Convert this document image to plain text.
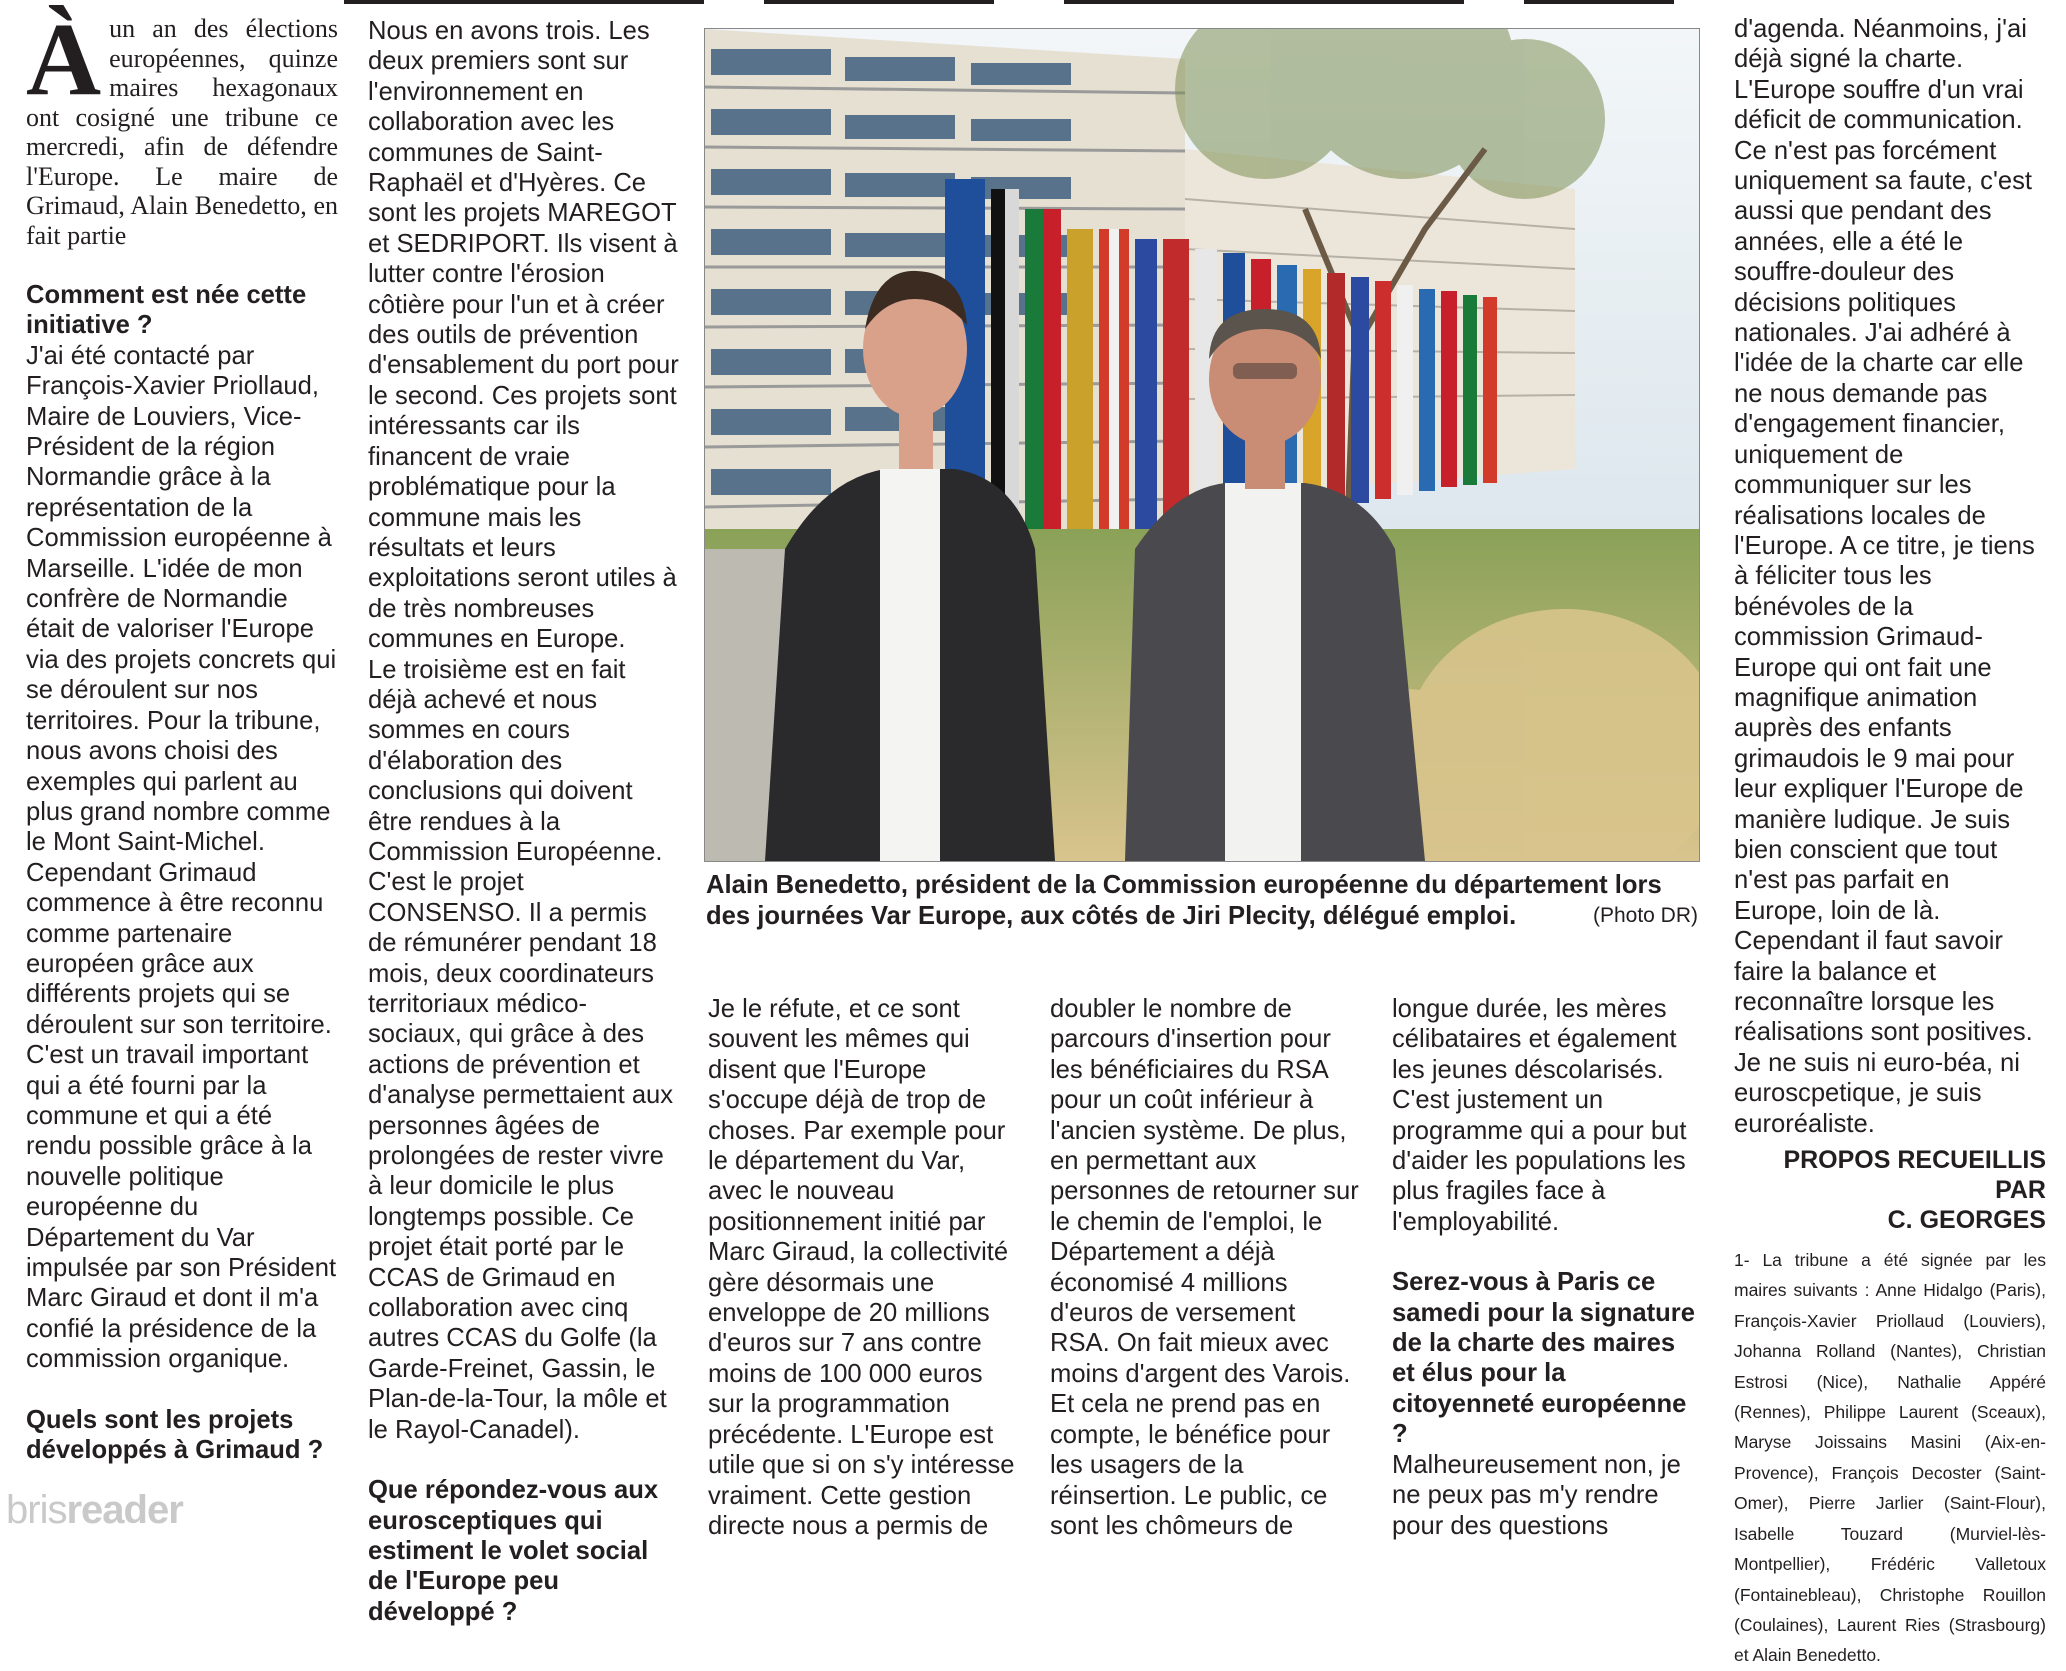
Àun an des élections européennes, quinze maires hexagonaux ont cosigné une tribune ce mercredi, afin de défendre l'Europe. Le maire de Grimaud, Alain Benedetto, en fait partie
Comment est née cette initiative ?
J'ai été contacté par François-Xavier Priollaud, Maire de Louviers, Vice-Président de la région Normandie grâce à la représentation de la Commission européenne à Marseille. L'idée de mon confrère de Normandie était de valoriser l'Europe via des projets concrets qui se déroulent sur nos territoires. Pour la tribune, nous avons choisi des exemples qui parlent au plus grand nombre comme le Mont Saint-Michel. Cependant Grimaud commence à être reconnu comme partenaire européen grâce aux différents projets qui se déroulent sur son territoire. C'est un travail important qui a été fourni par la commune et qui a été rendu possible grâce à la nouvelle politique européenne du Département du Var impulsée par son Président Marc Giraud et dont il m'a confié la présidence de la commission organique.
Quels sont les projets développés à Grimaud ?
Nous en avons trois. Les deux premiers sont sur l'environnement en collaboration avec les communes de Saint-Raphaël et d'Hyères. Ce sont les projets MAREGOT et SEDRIPORT. Ils visent à lutter contre l'érosion côtière pour l'un et à créer des outils de prévention d'ensablement du port pour le second. Ces projets sont intéressants car ils financent de vraie problématique pour la commune mais les résultats et leurs exploitations seront utiles à de très nombreuses communes en Europe.
Le troisième est en fait déjà achevé et nous sommes en cours d'élaboration des conclusions qui doivent être rendues à la Commission Européenne. C'est le projet CONSENSO. Il a permis de rémunérer pendant 18 mois, deux coordinateurs territoriaux médico-sociaux, qui grâce à des actions de prévention et d'analyse permettaient aux personnes âgées de prolongées de rester vivre à leur domicile le plus longtemps possible. Ce projet était porté par le CCAS de Grimaud en collaboration avec cinq autres CCAS du Golfe (la Garde-Freinet, Gassin, le Plan-de-la-Tour, la môle et le Rayol-Canadel).
Que répondez-vous aux eurosceptiques qui estiment le volet social de l'Europe peu développé ?
Alain Benedetto, président de la Commission européenne du département lors des journées Var Europe, aux côtés de Jiri Plecity, délégué emploi.	(Photo DR)
Je le réfute, et ce sont souvent les mêmes qui disent que l'Europe s'occupe déjà de trop de choses. Par exemple pour le département du Var, avec le nouveau positionnement initié par Marc Giraud, la collectivité gère désormais une enveloppe de 20 millions d'euros sur 7 ans contre moins de 100 000 euros sur la programmation précédente. L'Europe est utile que si on s'y intéresse vraiment. Cette gestion directe nous a permis de
doubler le nombre de parcours d'insertion pour les bénéficiaires du RSA pour un coût inférieur à l'ancien système. De plus, en permettant aux personnes de retourner sur le chemin de l'emploi, le Département a déjà économisé 4 millions d'euros de versement RSA. On fait mieux avec moins d'argent des Varois. Et cela ne prend pas en compte, le bénéfice pour les usagers de la réinsertion. Le public, ce sont les chômeurs de
longue durée, les mères célibataires et également les jeunes déscolarisés.
C'est justement un programme qui a pour but d'aider les populations les plus fragiles face à l'employabilité.
Serez-vous à Paris ce samedi pour la signature de la charte des maires et élus pour la citoyenneté européenne ?
Malheureusement non, je ne peux pas m'y rendre pour des questions
d'agenda. Néanmoins, j'ai déjà signé la charte. L'Europe souffre d'un vrai déficit de communication. Ce n'est pas forcément uniquement sa faute, c'est aussi que pendant des années, elle a été le souffre-douleur des décisions politiques nationales. J'ai adhéré à l'idée de la charte car elle ne nous demande pas d'engagement financier, uniquement de communiquer sur les réalisations locales de l'Europe. A ce titre, je tiens à féliciter tous les bénévoles de la commission Grimaud-Europe qui ont fait une magnifique animation auprès des enfants grimaudois le 9 mai pour leur expliquer l'Europe de manière ludique. Je suis bien conscient que tout n'est pas parfait en Europe, loin de là. Cependant il faut savoir faire la balance et reconnaître lorsque les réalisations sont positives. Je ne suis ni euro-béa, ni euroscpetique, je suis euroréaliste.
PROPOS RECUEILLIS PAR
C. GEORGES
1- La tribune a été signée par les maires suivants : Anne Hidalgo (Paris), François-Xavier Priollaud (Louviers), Johanna Rolland (Nantes), Christian Estrosi (Nice), Nathalie Appéré (Rennes), Philippe Laurent (Sceaux), Maryse Joissains Masini (Aix-en-Provence), François Decoster (Saint-Omer), Pierre Jarlier (Saint-Flour), Isabelle Touzard (Murviel-lès-Montpellier), Frédéric Valletoux (Fontainebleau), Christophe Rouillon (Coulaines), Laurent Ries (Strasbourg) et Alain Benedetto.
brisreader
